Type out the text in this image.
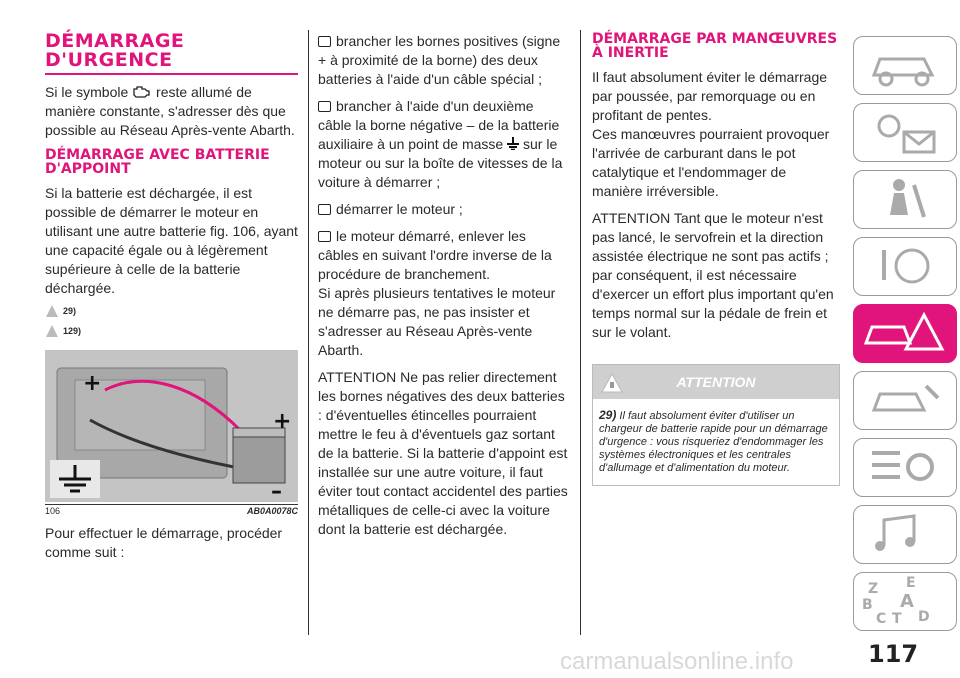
DÉMARRAGE D'URGENCE

Si le symbole reste allumé de manière constante, s'adresser dès que possible au Réseau Après-vente Abarth.

DÉMARRAGE AVEC BATTERIE D'APPOINT

Si la batterie est déchargée, il est possible de démarrer le moteur en utilisant une autre batterie fig. 106, ayant une capacité égale ou à légèrement supérieure à celle de la batterie déchargée.

29)
129)
+
+
–
106	AB0A0078C

Pour effectuer le démarrage, procéder comme suit :

brancher les bornes positives (signe + à proximité de la borne) des deux batteries à l'aide d'un câble spécial ;

brancher à l'aide d'un deuxième câble la borne négative – de la batterie auxiliaire à un point de masse sur le moteur ou sur la boîte de vitesses de la voiture à démarrer ;

démarrer le moteur ;

le moteur démarré, enlever les câbles en suivant l'ordre inverse de la procédure de branchement.

Si après plusieurs tentatives le moteur ne démarre pas, ne pas insister et s'adresser au Réseau Après-vente Abarth.

ATTENTION Ne pas relier directement les bornes négatives des deux batteries : d'éventuelles étincelles pourraient mettre le feu à d'éventuels gaz sortant de la batterie. Si la batterie d'appoint est installée sur une autre voiture, il faut éviter tout contact accidentel des parties métalliques de celle-ci avec la voiture dont la batterie est déchargée.

DÉMARRAGE PAR MANŒUVRES À INERTIE

Il faut absolument éviter le démarrage par poussée, par remorquage ou en profitant de pentes.

Ces manœuvres pourraient provoquer l'arrivée de carburant dans le pot catalytique et l'endommager de manière irréversible.

ATTENTION Tant que le moteur n'est pas lancé, le servofrein et la direction assistée électrique ne sont pas actifs ; par conséquent, il est nécessaire d'exercer un effort plus important qu'en temps normal sur la pédale de frein et sur le volant.

ATTENTION
29) Il faut absolument éviter d'utiliser un chargeur de batterie rapide pour un démarrage d'urgence : vous risqueriez d'endommager les systèmes électroniques et les centrales d'allumage et d'alimentation du moteur.
Z E
B A
C T D
carmanualsonline.info	117
